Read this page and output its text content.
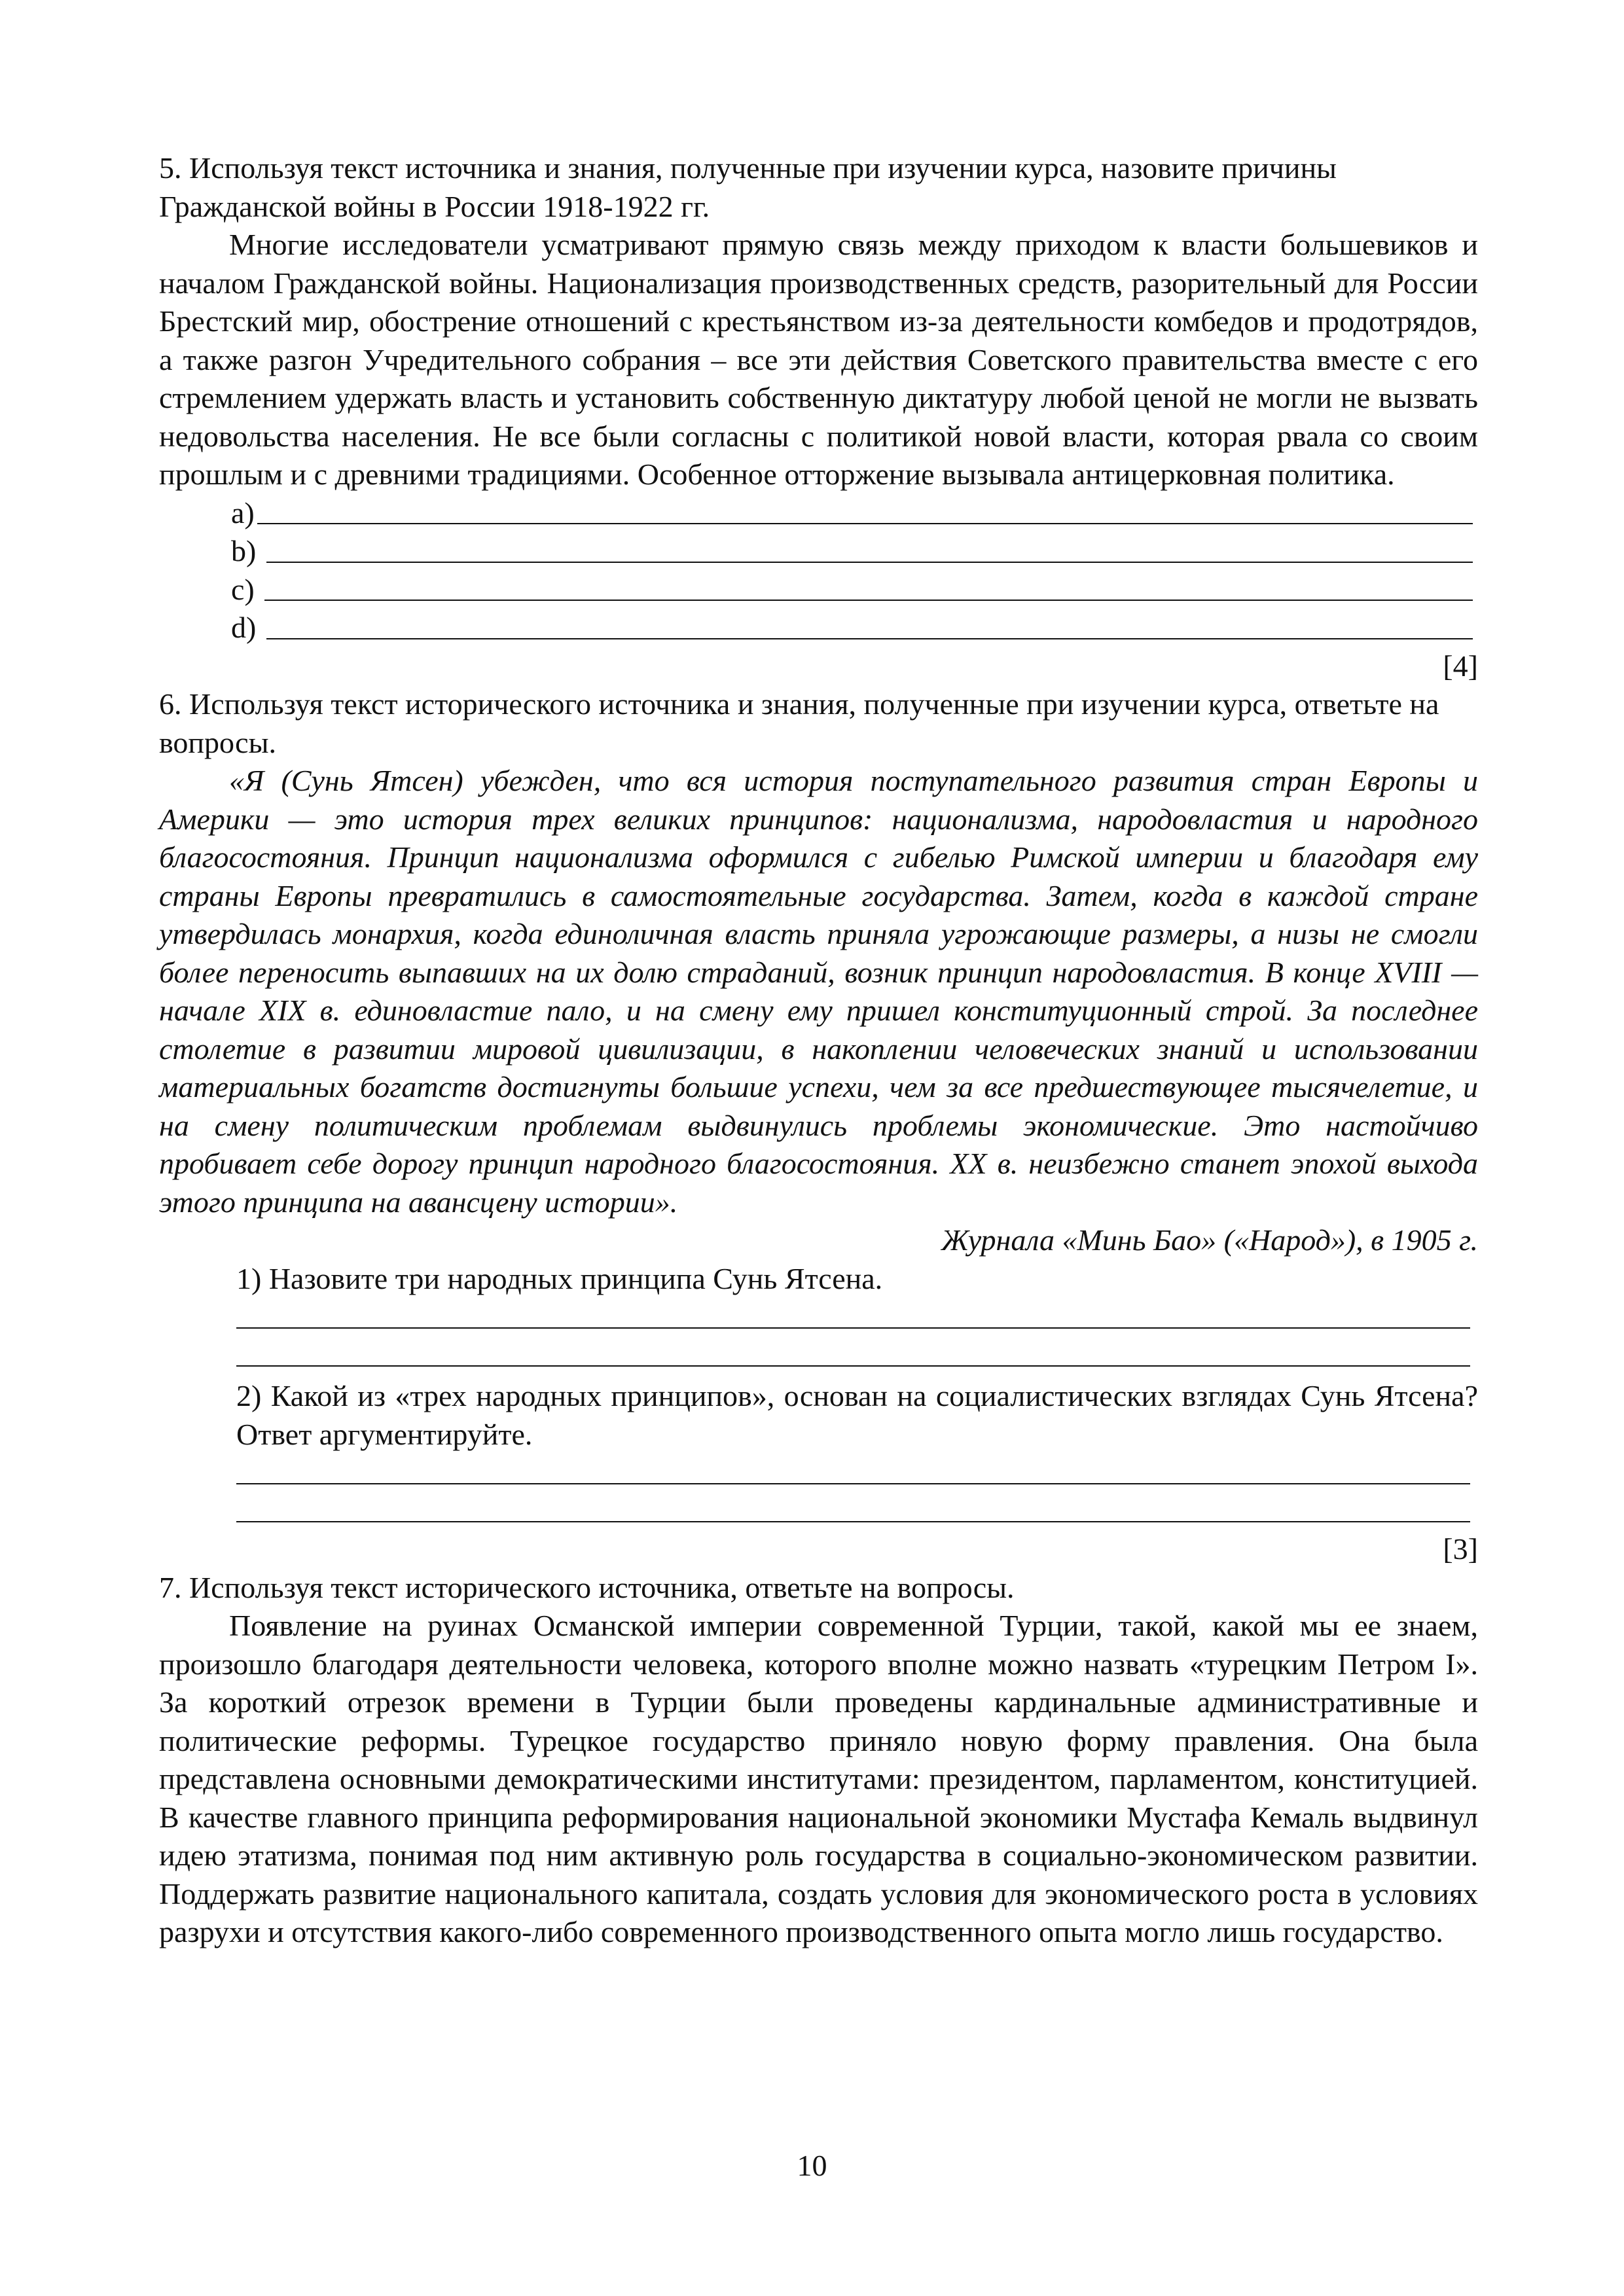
5. Используя текст источника и знания, полученные при изучении курса, назовите причины Гражданской войны в России 1918-1922 гг.

Многие исследователи усматривают прямую связь между приходом к власти большевиков и началом Гражданской войны. Национализация производственных средств, разорительный для России Брестский мир, обострение отношений с крестьянством из-за деятельности комбедов и продотрядов, а также разгон Учредительного собрания – все эти действия Советского правительства вместе с его стремлением удержать власть и установить собственную диктатуру любой ценой не могли не вызвать недовольства населения. Не все были согласны с политикой новой власти, которая рвала со своим прошлым и с древними традициями. Особенное отторжение вызывала антицерковная политика.

a)
b)
c)
d)

[4]

6. Используя текст исторического источника и знания, полученные при изучении курса, ответьте на вопросы.

«Я (Сунь Ятсен) убежден, что вся история поступательного развития стран Европы и Америки — это история трех великих принципов: национализма, народовластия и народного благосостояния. Принцип национализма оформился с гибелью Римской империи и благодаря ему страны Европы превратились в самостоятельные государства. Затем, когда в каждой стране утвердилась монархия, когда единоличная власть приняла угрожающие размеры, а низы не смогли более переносить выпавших на их долю страданий, возник принцип народовластия. В конце XVIII — начале XIX в. единовластие пало, и на смену ему пришел конституционный строй. За последнее столетие в развитии мировой цивилизации, в накоплении человеческих знаний и использовании материальных богатств достигнуты большие успехи, чем за все предшествующее тысячелетие, и на смену политическим проблемам выдвинулись проблемы экономические. Это настойчиво пробивает себе дорогу принцип народного благосостояния. XX в. неизбежно станет эпохой выхода этого принципа на авансцену истории».

Журнала «Минь Бао» («Народ»), в 1905 г.

1) Назовите три народных принципа Сунь Ятсена.

2) Какой из «трех народных принципов», основан на социалистических взглядах Сунь Ятсена? Ответ аргументируйте.

[3]

7. Используя текст исторического источника, ответьте на вопросы.

Появление на руинах Османской империи современной Турции, такой, какой мы ее знаем, произошло благодаря деятельности человека, которого вполне можно назвать «турецким Петром I». За короткий отрезок времени в Турции были проведены кардинальные административные и политические реформы. Турецкое государство приняло новую форму правления. Она была представлена основными демократическими институтами: президентом, парламентом, конституцией. В качестве главного принципа реформирования национальной экономики Мустафа Кемаль выдвинул идею этатизма, понимая под ним активную роль государства в социально-экономическом развитии. Поддержать развитие национального капитала, создать условия для экономического роста в условиях разрухи и отсутствия какого-либо современного производственного опыта могло лишь государство.

10
